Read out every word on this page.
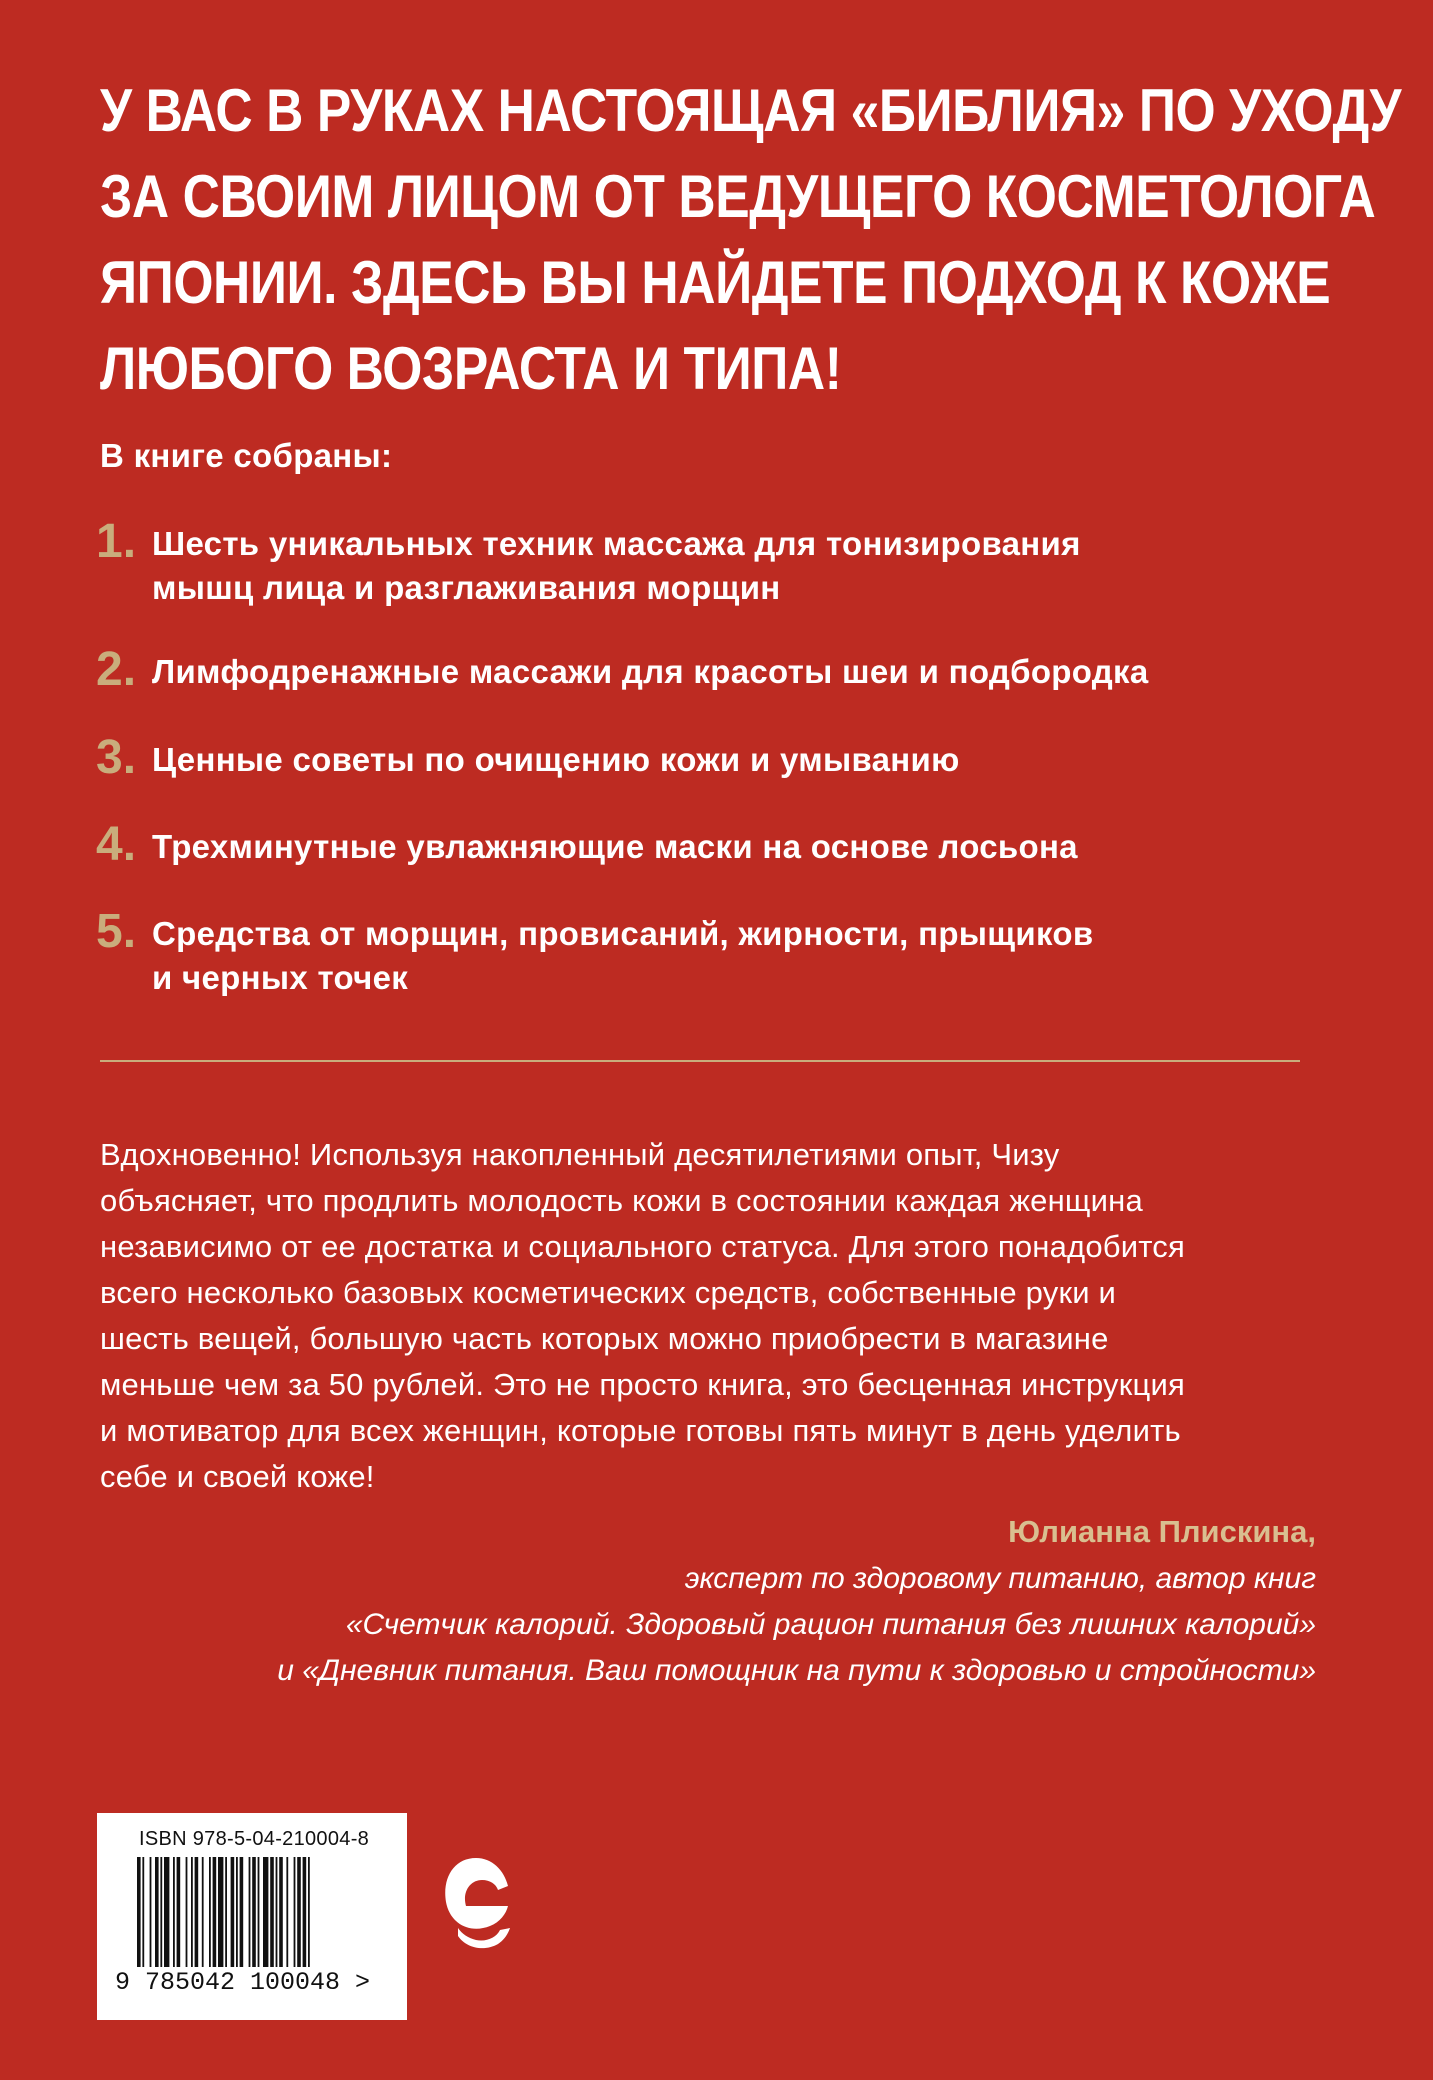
У ВАС В РУКАХ НАСТОЯЩАЯ «БИБЛИЯ» ПО УХОДУ
ЗА СВОИМ ЛИЦОМ ОТ ВЕДУЩЕГО КОСМЕТОЛОГА
ЯПОНИИ. ЗДЕСЬ ВЫ НАЙДЕТЕ ПОДХОД К КОЖЕ
ЛЮБОГО ВОЗРАСТА И ТИПА!
В книге собраны:
1. Шесть уникальных техник массажа для тонизирования
мышц лица и разглаживания морщин
2. Лимфодренажные массажи для красоты шеи и подбородка
3. Ценные советы по очищению кожи и умыванию
4. Трехминутные увлажняющие маски на основе лосьона
5. Средства от морщин, провисаний, жирности, прыщиков
и черных точек
Вдохновенно! Используя накопленный десятилетиями опыт, Чизу
объясняет, что продлить молодость кожи в состоянии каждая женщина
независимо от ее достатка и социального статуса. Для этого понадобится
всего несколько базовых косметических средств, собственные руки и
шесть вещей, большую часть которых можно приобрести в магазине
меньше чем за 50 рублей. Это не просто книга, это бесценная инструкция
и мотиватор для всех женщин, которые готовы пять минут в день уделить
себе и своей коже!
Юлианна Плискина,
эксперт по здоровому питанию, автор книг
«Счетчик калорий. Здоровый рацион питания без лишних калорий»
и «Дневник питания. Ваш помощник на пути к здоровью и стройности»
ISBN 978-5-04-210004-8
9 785042 100048 >
